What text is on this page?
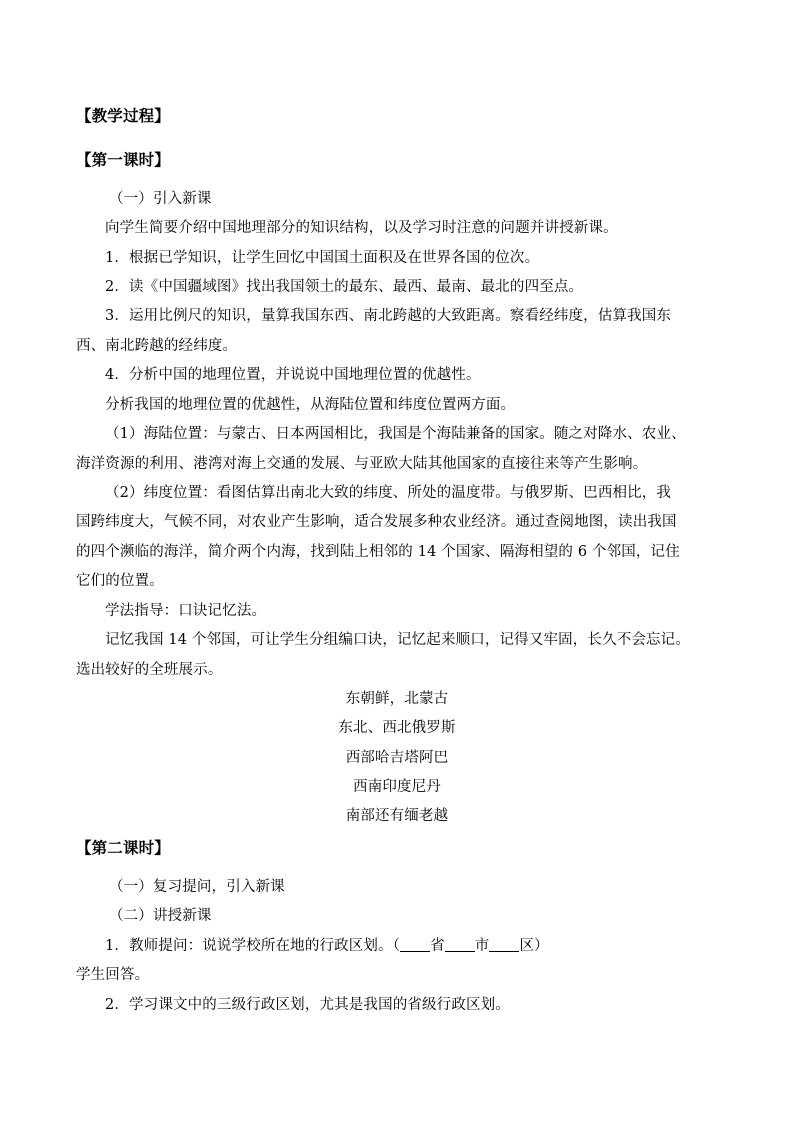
【教学过程】
【第一课时】
（一）引入新课
向学生简要介绍中国地理部分的知识结构，以及学习时注意的问题并讲授新课。
1．根据已学知识，让学生回忆中国国土面积及在世界各国的位次。
2．读《中国疆域图》找出我国领土的最东、最西、最南、最北的四至点。
3．运用比例尺的知识，量算我国东西、南北跨越的大致距离。察看经纬度，估算我国东
西、南北跨越的经纬度。
4．分析中国的地理位置，并说说中国地理位置的优越性。
分析我国的地理位置的优越性，从海陆位置和纬度位置两方面。
（1）海陆位置：与蒙古、日本两国相比，我国是个海陆兼备的国家。随之对降水、农业、
海洋资源的利用、港湾对海上交通的发展、与亚欧大陆其他国家的直接往来等产生影响。
（2）纬度位置：看图估算出南北大致的纬度、所处的温度带。与俄罗斯、巴西相比，我
国跨纬度大，气候不同，对农业产生影响，适合发展多种农业经济。通过查阅地图，读出我国
的四个濒临的海洋，简介两个内海，找到陆上相邻的 14 个国家、隔海相望的 6 个邻国，记住
它们的位置。
学法指导：口诀记忆法。
记忆我国 14 个邻国，可让学生分组编口诀，记忆起来顺口，记得又牢固，长久不会忘记。
选出较好的全班展示。
东朝鲜，北蒙古
东北、西北俄罗斯
西部哈吉塔阿巴
西南印度尼丹
南部还有缅老越
【第二课时】
（一）复习提问，引入新课
（二）讲授新课
1．教师提问：说说学校所在地的行政区划。（ 省 市 区）
学生回答。
2．学习课文中的三级行政区划，尤其是我国的省级行政区划。
